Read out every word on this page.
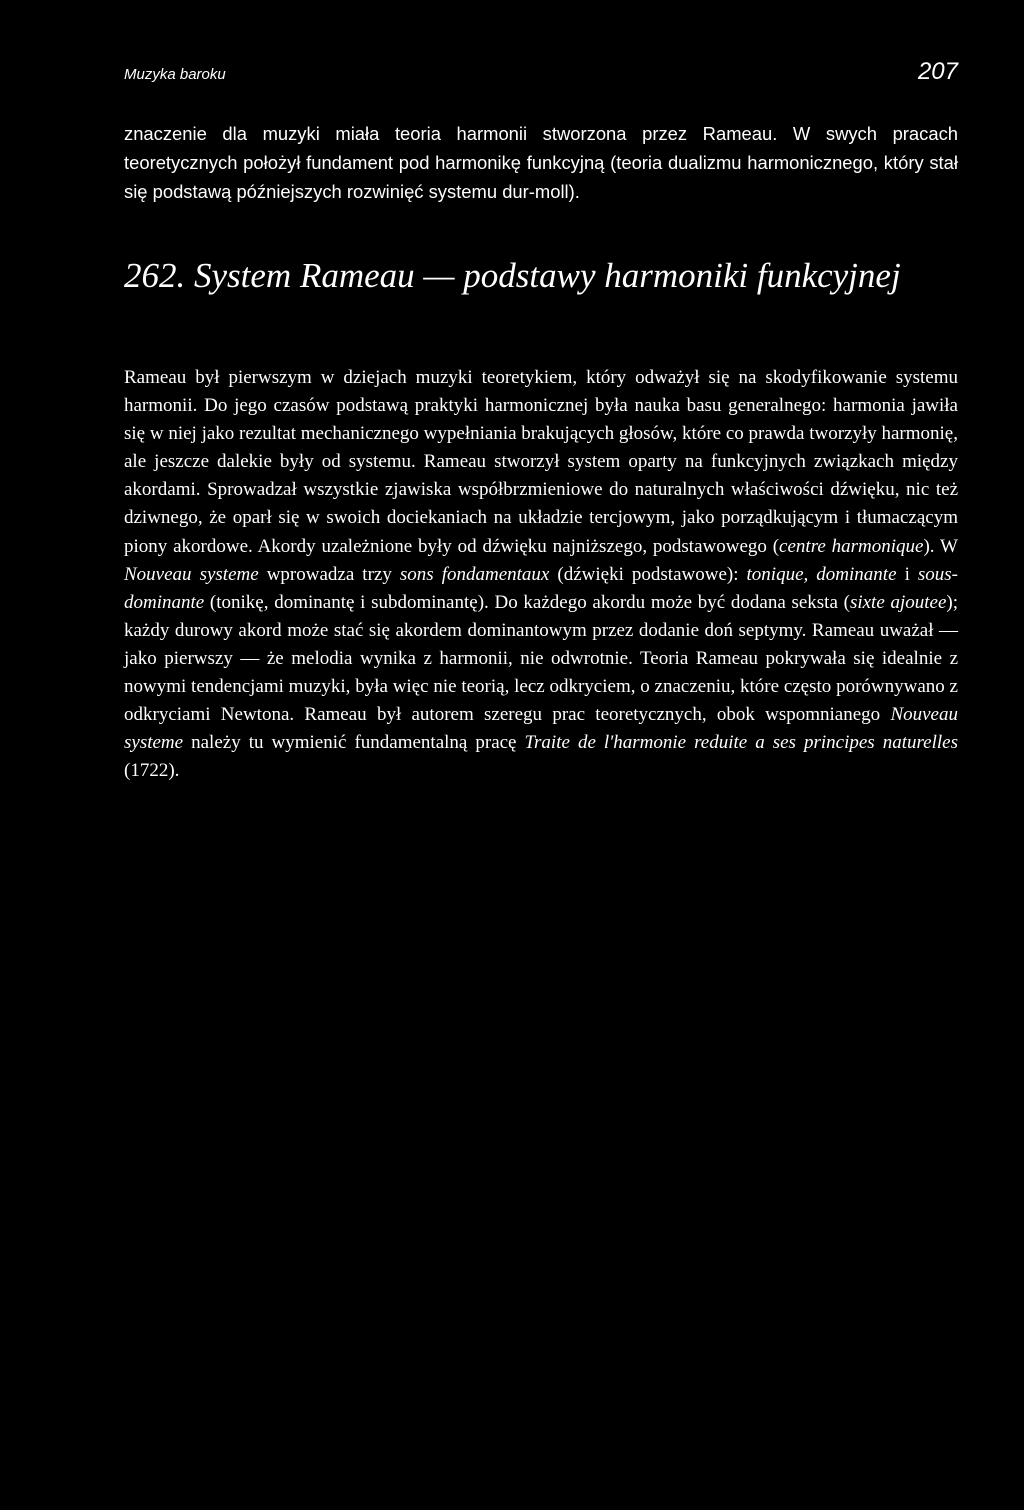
Muzyka baroku	207

znaczenie dla muzyki miała teoria harmonii stworzona przez Rameau. W swych pracach teoretycznych położył fundament pod harmonikę funkcyjną (teoria dualizmu harmonicznego, który stał się podstawą późniejszych rozwinięć systemu dur-moll).

262. System Rameau — podstawy harmoniki funkcyjnej

Rameau był pierwszym w dziejach muzyki teoretykiem, który odważył się na skodyfikowanie systemu harmonii. Do jego czasów podstawą praktyki harmonicznej była nauka basu generalnego: harmonia jawiła się w niej jako rezultat mechanicznego wypełniania brakujących głosów, które co prawda tworzyły harmonię, ale jeszcze dalekie były od systemu. Rameau stworzył system oparty na funkcyjnych związkach między akordami. Sprowadzał wszystkie zjawiska współbrzmieniowe do naturalnych właściwości dźwięku, nic też dziwnego, że oparł się w swoich dociekaniach na układzie tercjowym, jako porządkującym i tłumaczącym piony akordowe. Akordy uzależnione były od dźwięku najniższego, podstawowego (centre harmonique). W Nouveau systeme wprowadza trzy sons fondamentaux (dźwięki podstawowe): tonique, dominante i sous-dominante (tonikę, dominantę i subdominantę). Do każdego akordu może być dodana seksta (sixte ajoutee); każdy durowy akord może stać się akordem dominantowym przez dodanie doń septymy. Rameau uważał — jako pierwszy — że melodia wynika z harmonii, nie odwrotnie. Teoria Rameau pokrywała się idealnie z nowymi tendencjami muzyki, była więc nie teorią, lecz odkryciem, o znaczeniu, które często porównywano z odkryciami Newtona. Rameau był autorem szeregu prac teoretycznych, obok wspomnianego Nouveau systeme należy tu wymienić fundamentalną pracę Traite de l'harmonie reduite a ses principes naturelles (1722).
